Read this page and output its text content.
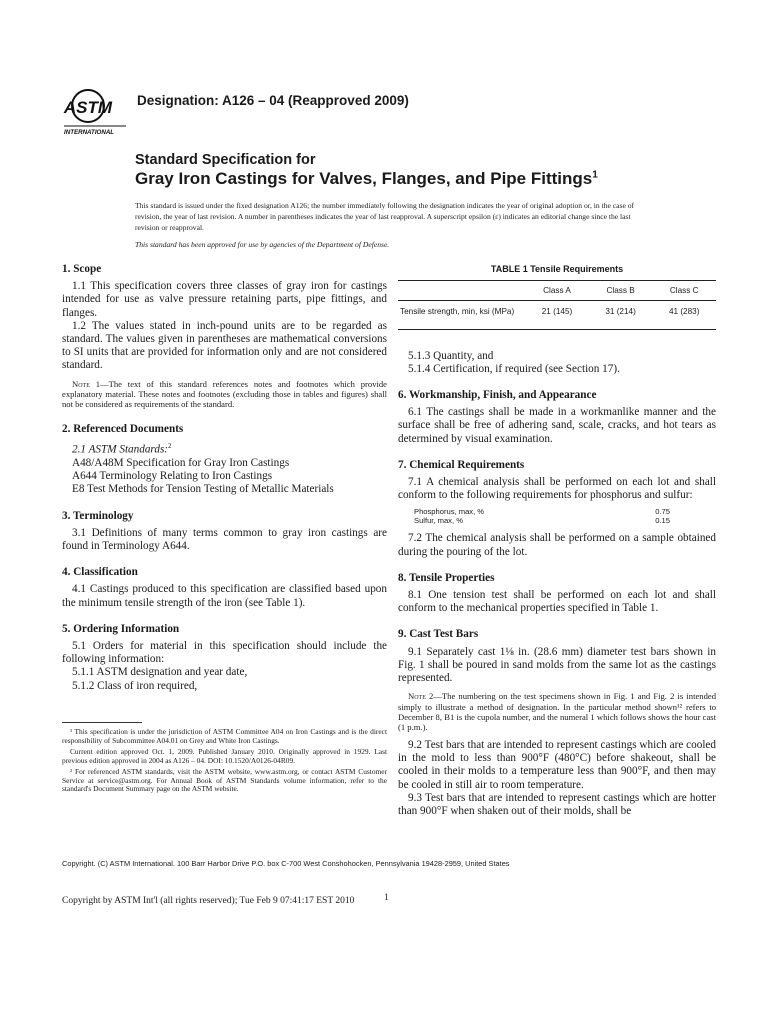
ASTM
INTERNATIONAL
Designation: A126 – 04 (Reapproved 2009)
Standard Specification for
Gray Iron Castings for Valves, Flanges, and Pipe Fittings$^1$
This standard is issued under the fixed designation A126; the number immediately following the designation indicates the year of original adoption or, in the case of revision, the year of last revision. A number in parentheses indicates the year of last reapproval. A superscript epsilon (ε) indicates an editorial change since the last revision or reapproval.
This standard has been approved for use by agencies of the Department of Defense.
1. Scope

1.1 This specification covers three classes of gray iron for castings intended for use as valve pressure retaining parts, pipe fittings, and flanges.

1.2 The values stated in inch-pound units are to be regarded as standard. The values given in parentheses are mathematical conversions to SI units that are provided for information only and are not considered standard.

Note 1—The text of this standard references notes and footnotes which provide explanatory material. These notes and footnotes (excluding those in tables and figures) shall not be considered as requirements of the standard.

2. Referenced Documents

2.1 ASTM Standards:$^2$

A48/A48M Specification for Gray Iron Castings

A644 Terminology Relating to Iron Castings

E8 Test Methods for Tension Testing of Metallic Materials

3. Terminology

3.1 Definitions of many terms common to gray iron castings are found in Terminology A644.

4. Classification

4.1 Castings produced to this specification are classified based upon the minimum tensile strength of the iron (see Table 1).

5. Ordering Information

5.1 Orders for material in this specification should include the following information:

5.1.1 ASTM designation and year date,

5.1.2 Class of iron required,

¹ This specification is under the jurisdiction of ASTM Committee A04 on Iron Castings and is the direct responsibility of Subcommittee A04.01 on Grey and White Iron Castings.

Current edition approved Oct. 1, 2009. Published January 2010. Originally approved in 1929. Last previous edition approved in 2004 as A126 – 04. DOI: 10.1520/A0126-04R09.

² For referenced ASTM standards, visit the ASTM website, www.astm.org, or contact ASTM Customer Service at service@astm.org. For Annual Book of ASTM Standards volume information, refer to the standard's Document Summary page on the ASTM website.

TABLE 1 Tensile Requirements
	Class A	Class B	Class C
Tensile strength, min, ksi (MPa)	21 (145)	31 (214)	41 (283)

5.1.3 Quantity, and

5.1.4 Certification, if required (see Section 17).

6. Workmanship, Finish, and Appearance

6.1 The castings shall be made in a workmanlike manner and the surface shall be free of adhering sand, scale, cracks, and hot tears as determined by visual examination.

7. Chemical Requirements

7.1 A chemical analysis shall be performed on each lot and shall conform to the following requirements for phosphorus and sulfur:

Phosphorus, max, %	0.75
Sulfur, max, %	0.15

7.2 The chemical analysis shall be performed on a sample obtained during the pouring of the lot.

8. Tensile Properties

8.1 One tension test shall be performed on each lot and shall conform to the mechanical properties specified in Table 1.

9. Cast Test Bars

9.1 Separately cast 1⅛ in. (28.6 mm) diameter test bars shown in Fig. 1 shall be poured in sand molds from the same lot as the castings represented.

Note 2—The numbering on the test specimens shown in Fig. 1 and Fig. 2 is intended simply to illustrate a method of designation. In the particular method shown¹² refers to December 8, B1 is the cupola number, and the numeral 1 which follows shows the hour cast (1 p.m.).

9.2 Test bars that are intended to represent castings which are cooled in the mold to less than 900°F (480°C) before shakeout, shall be cooled in their molds to a temperature less than 900°F, and then may be cooled in still air to room temperature.

9.3 Test bars that are intended to represent castings which are hotter than 900°F when shaken out of their molds, shall be

Copyright. (C) ASTM International. 100 Barr Harbor Drive P.O. box C-700 West Conshohocken, Pennsylvania 19428-2959, United States
1
Copyright by ASTM Int'l (all rights reserved); Tue Feb 9 07:41:17 EST 2010
